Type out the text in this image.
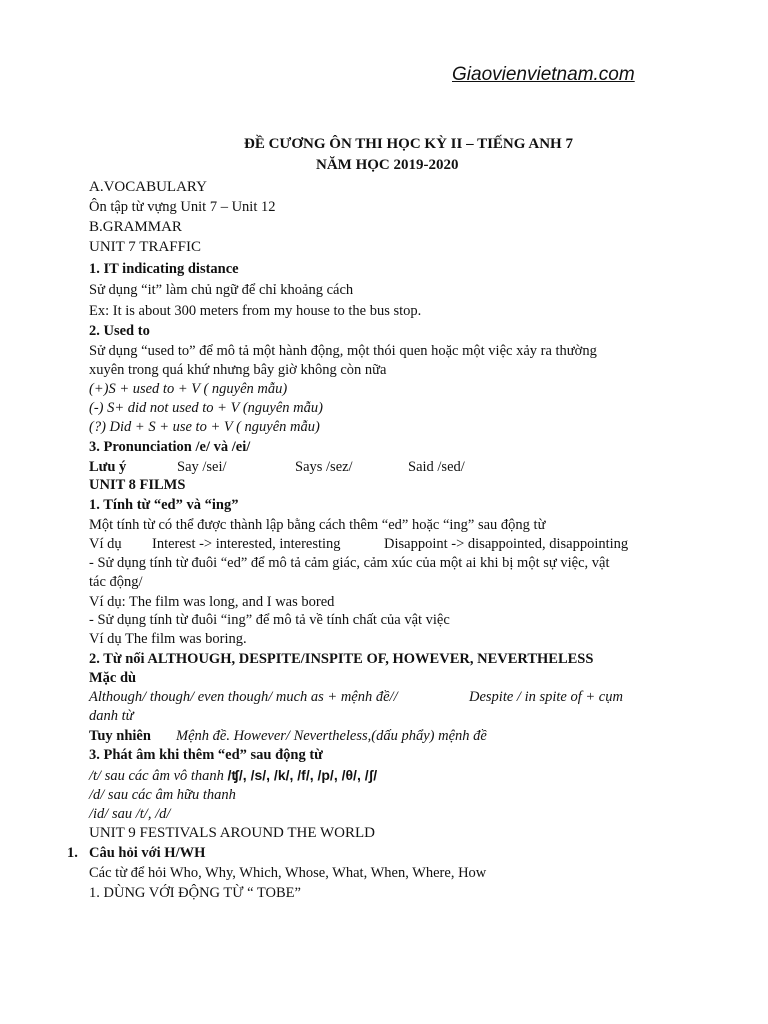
Giaovienvietnam.com
ĐỀ CƯƠNG ÔN THI HỌC KỲ II – TIẾNG ANH 7
NĂM HỌC 2019-2020
A.VOCABULARY
Ôn tập từ vựng Unit 7 – Unit 12
B.GRAMMAR
UNIT 7 TRAFFIC
1. IT indicating distance
Sử dụng “it” làm chủ ngữ để chỉ khoảng cách
Ex: It is about 300 meters from my house to the bus stop.
2. Used to
Sử dụng “used to” để mô tả một hành động, một thói quen hoặc một việc xảy ra thường
xuyên trong quá khứ nhưng bây giờ không còn nữa
(+)S + used to + V ( nguyên mẫu)
(-) S+ did not used to + V (nguyên mẫu)
(?) Did + S + use to + V ( nguyên mẫu)
3. Pronunciation /e/ và /ei/
Lưu ý	Say /sei/	Says /sez/	Said /sed/
UNIT 8 FILMS
1. Tính từ “ed” và “ing”
Một tính từ có thể được thành lập bằng cách thêm “ed” hoặc “ing” sau động từ
Ví dụ Interest -> interested, interesting	Disappoint -> disappointed, disappointing
- Sử dụng tính từ đuôi “ed” để mô tả cảm giác, cảm xúc của một ai khi bị một sự việc, vật
tác động/
Ví dụ: The film was long, and I was bored
- Sử dụng tính từ đuôi “ing” để mô tả về tính chất của vật việc
Ví dụ The film was boring.
2. Từ nối ALTHOUGH, DESPITE/INSPITE OF, HOWEVER, NEVERTHELESS
Mặc dù
Although/ though/ even though/ much as + mệnh đề//	Despite / in spite of + cụm
danh từ
Tuy nhiên Mệnh đề. However/ Nevertheless,(dấu phẩy) mệnh đề
3. Phát âm khi thêm “ed” sau động từ
/t/ sau các âm vô thanh /ʧ/, /s/, /k/, /f/, /p/, /θ/, /ʃ/
/d/ sau các âm hữu thanh
/id/ sau /t/, /d/
UNIT 9 FESTIVALS AROUND THE WORLD
1. Câu hỏi với H/WH
Các từ để hỏi Who, Why, Which, Whose, What, When, Where, How
1. DÙNG VỚI ĐỘNG TỪ “ TOBE”
